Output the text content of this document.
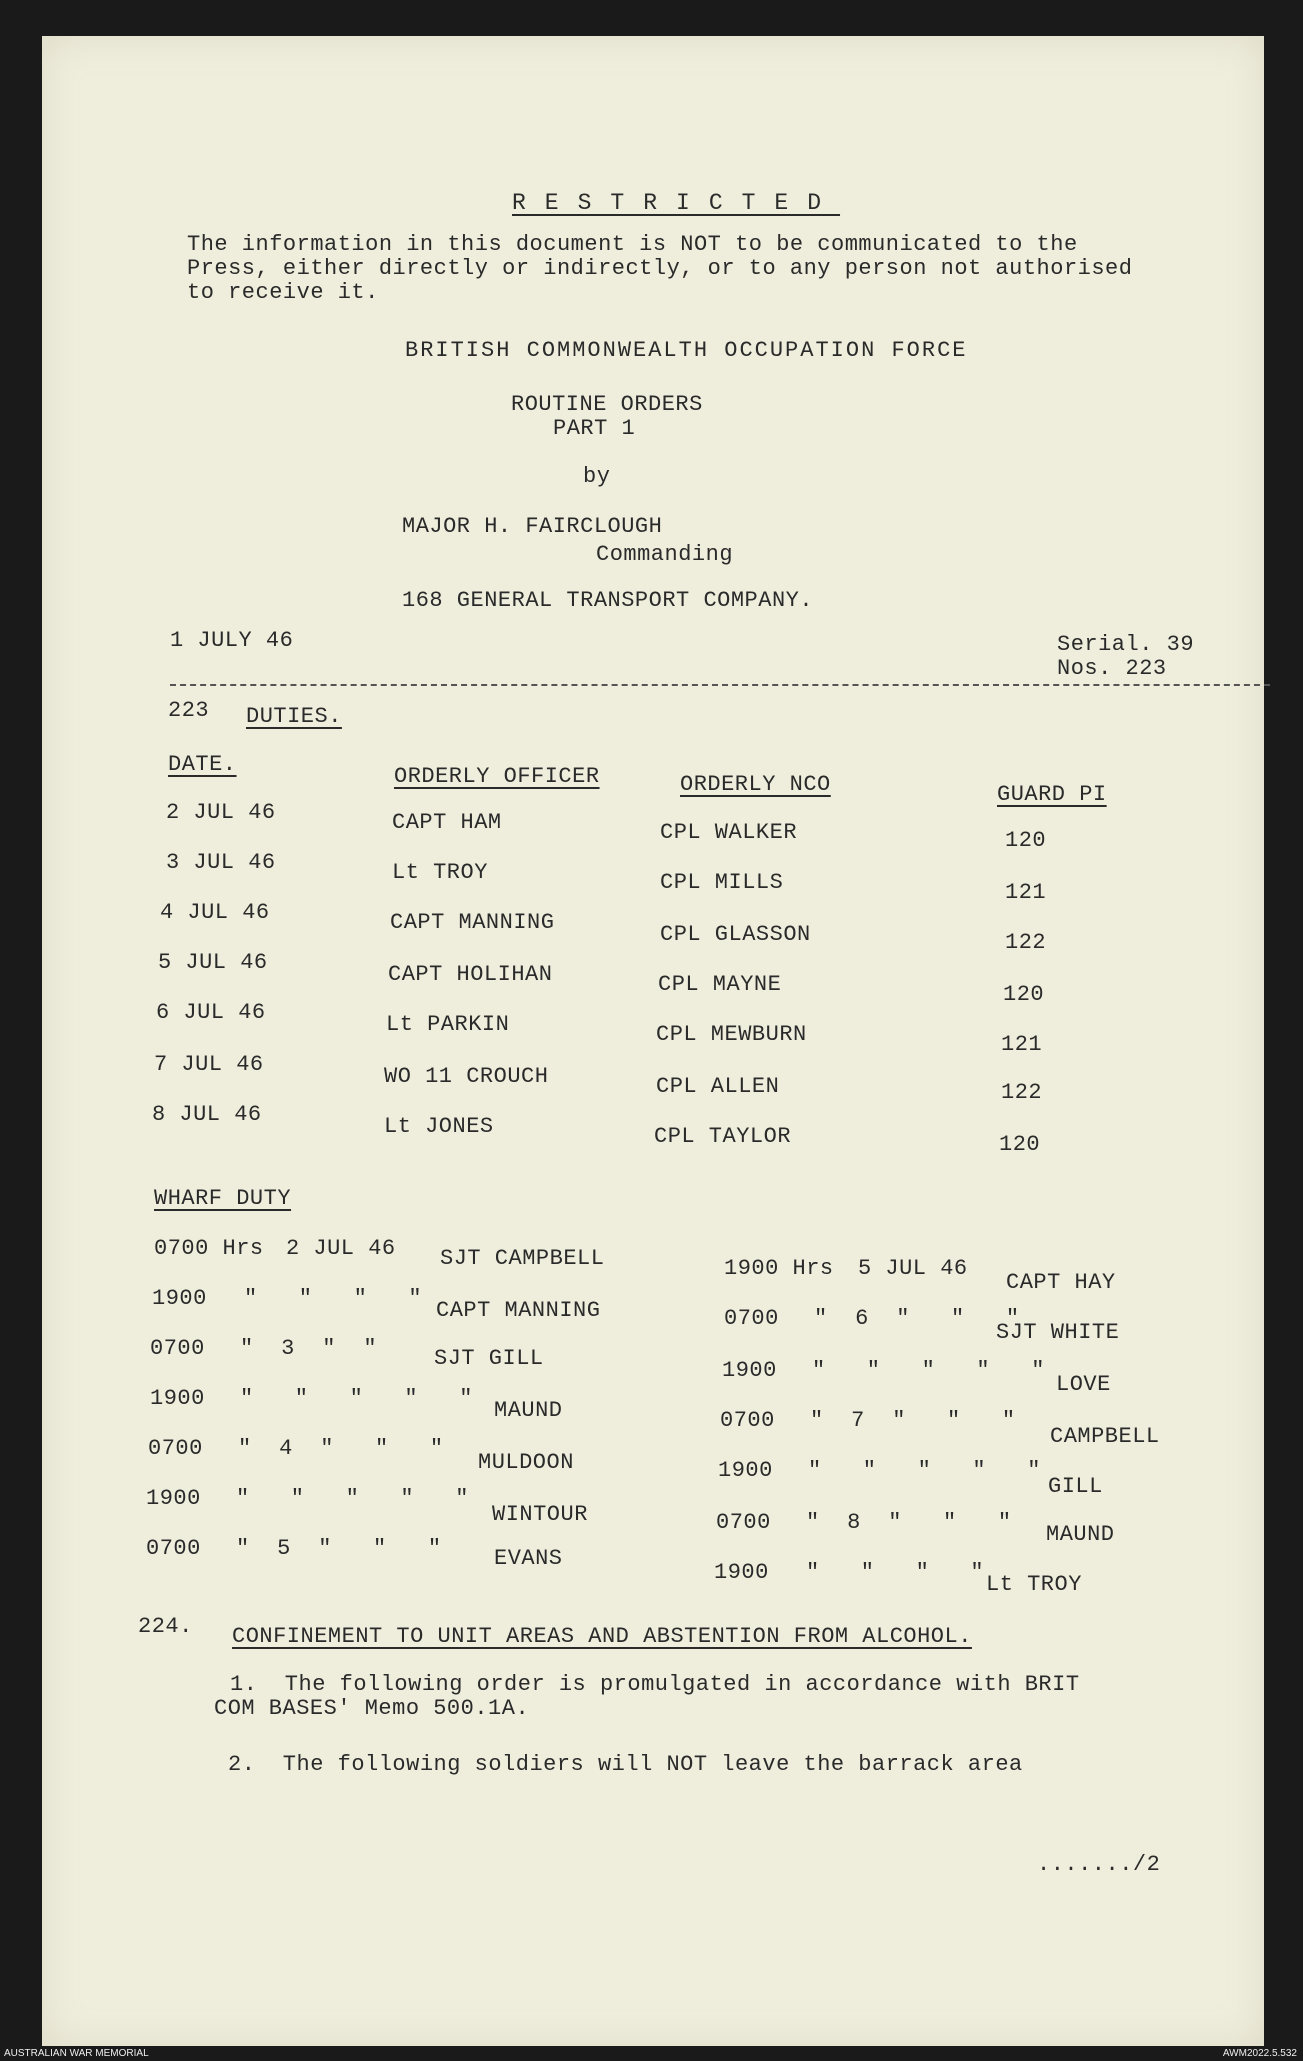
RESTRICTED
The information in this document is NOT to be communicated to the
Press, either directly or indirectly, or to any person not authorised
to receive it.
BRITISH COMMONWEALTH OCCUPATION FORCE
ROUTINE ORDERS
PART 1
by
MAJOR H. FAIRCLOUGH
Commanding
168 GENERAL TRANSPORT COMPANY.
1 JULY 46	Serial. 39
Nos. 223
223 DUTIES.
DATE.	ORDERLY OFFICER	ORDERLY NCO	GUARD PI
2 JUL 46	CAPT HAM	CPL WALKER	120
3 JUL 46	Lt TROY	CPL MILLS	121
4 JUL 46	CAPT MANNING	CPL GLASSON	122
5 JUL 46	CAPT HOLIHAN	CPL MAYNE	120
6 JUL 46	Lt PARKIN	CPL MEWBURN	121
7 JUL 46	WO 11 CROUCH	CPL ALLEN	122
8 JUL 46	Lt JONES	CPL TAYLOR	120
WHARF DUTY
0700 Hrs 2 JUL 46 SJT CAMPBELL
1900 "   "   "   " CAPT MANNING
0700 "  3  "  "	SJT GILL
1900 "   "   "   "   " MAUND
0700 "  4  "   "   "
MULDOON
1900 "   "   "   "   "
WINTOUR
0700 "  5  "   "   " EVANS
1900 Hrs 5 JUL 46
CAPT HAY
0700 "  6  "   "   "
SJT WHITE
1900 "   "   "   "   "
LOVE
0700 "  7  "   "   "
CAMPBELL
1900 "   "   "   "   "
GILL
0700 "  8  "   "   " MAUND
1900 "   "   "   " Lt TROY
224. CONFINEMENT TO UNIT AREAS AND ABSTENTION FROM ALCOHOL.
1.  The following order is promulgated in accordance with BRIT
COM BASES' Memo 500.1A.
2.  The following soldiers will NOT leave the barrack area
......./2
AUSTRALIAN WAR MEMORIAL	AWM2022.5.532
